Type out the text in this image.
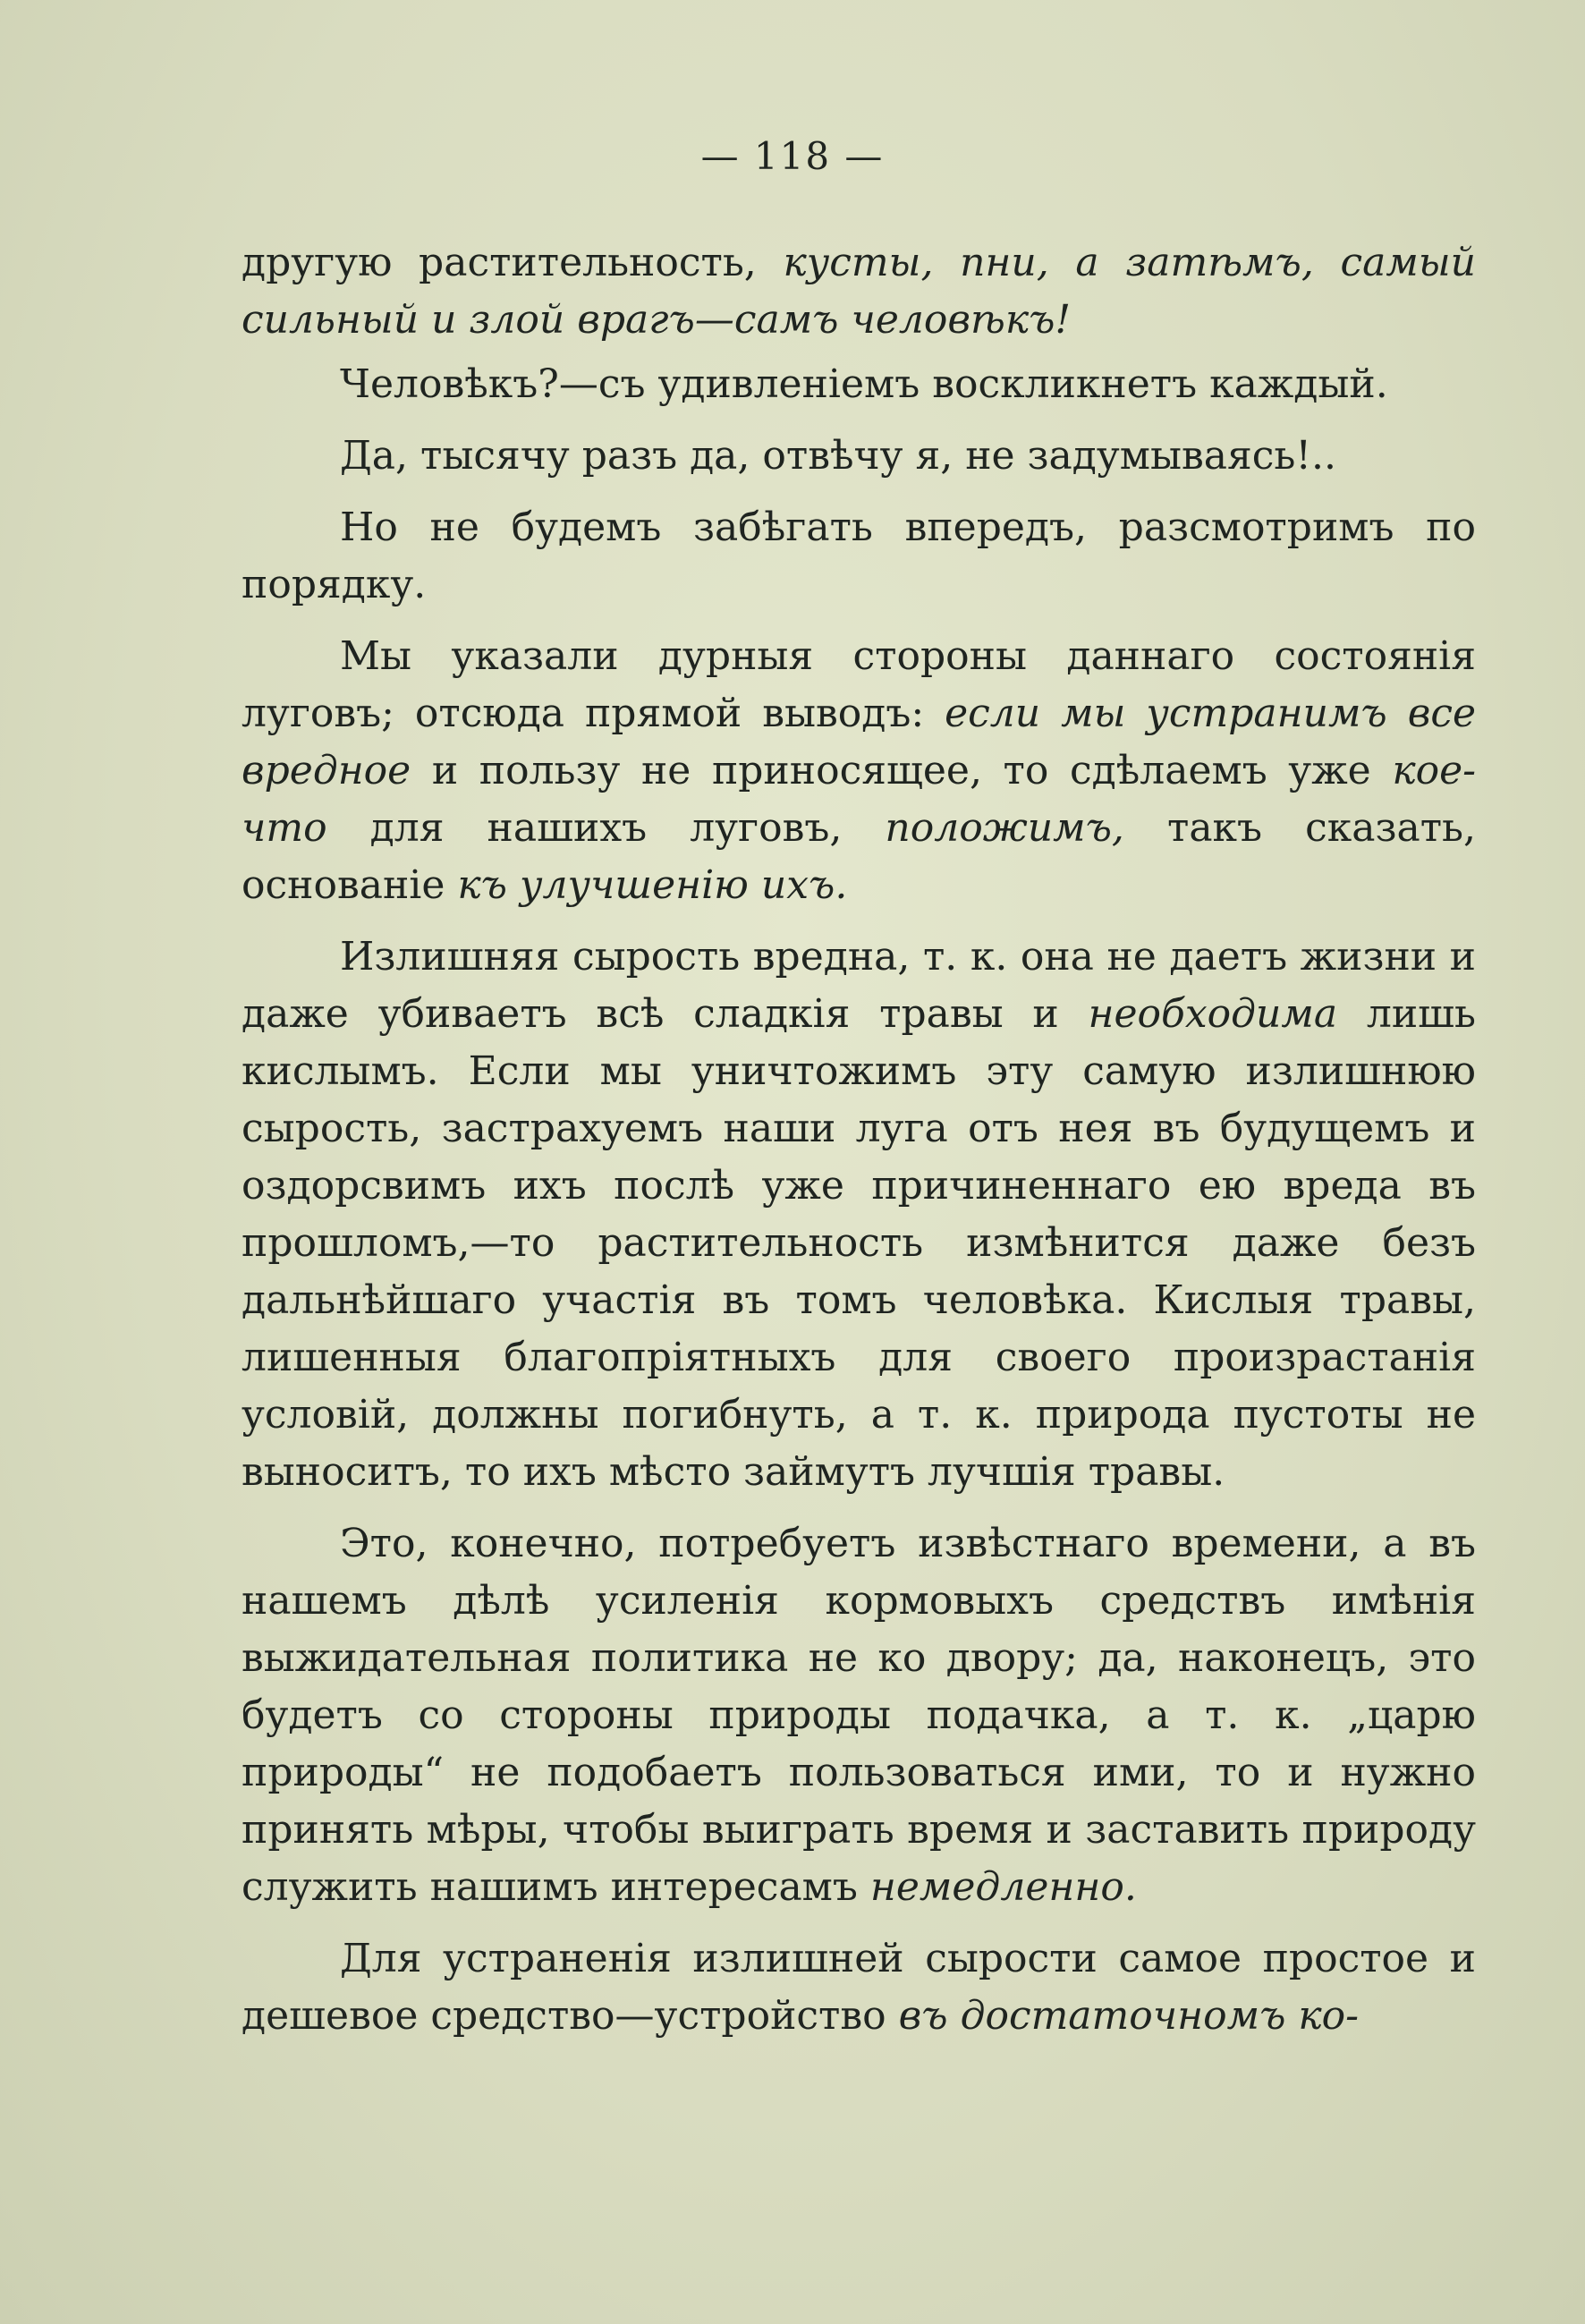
— 118 —

другую растительность, кусты, пни, а затѣмъ, самый сильный и злой врагъ—самъ человѣкъ!

Человѣкъ?—съ удивленіемъ воскликнетъ каждый.

Да, тысячу разъ да, отвѣчу я, не задумываясь!..

Но не будемъ забѣгать впередъ, разсмотримъ по порядку.

Мы указали дурныя стороны даннаго состоянія луговъ; отсюда прямой выводъ: если мы устранимъ все вредное и пользу не приносящее, то сдѣлаемъ уже кое-что для нашихъ луговъ, положимъ, такъ сказать, основаніе къ улучшенію ихъ.

Излишняя сырость вредна, т. к. она не даетъ жизни и даже убиваетъ всѣ сладкія травы и необходима лишь кислымъ. Если мы уничтожимъ эту самую излишнюю сырость, застрахуемъ наши луга отъ нея въ будущемъ и оздорсвимъ ихъ послѣ уже причиненнаго ею вреда въ прошломъ,—то растительность измѣнится даже безъ дальнѣйшаго участія въ томъ человѣка. Кислыя травы, лишенныя благопріятныхъ для своего произрастанія условій, должны погибнуть, а т. к. природа пустоты не выноситъ, то ихъ мѣсто займутъ лучшія травы.

Это, конечно, потребуетъ извѣстнаго времени, а въ нашемъ дѣлѣ усиленія кормовыхъ средствъ имѣнія выжидательная политика не ко двору; да, наконецъ, это будетъ со стороны природы подачка, а т. к. „царю природы“ не подобаетъ пользоваться ими, то и нужно принять мѣры, чтобы выиграть время и заставить природу служить нашимъ интересамъ немедленно.

Для устраненія излишней сырости самое простое и дешевое средство—устройство въ достаточномъ ко-
